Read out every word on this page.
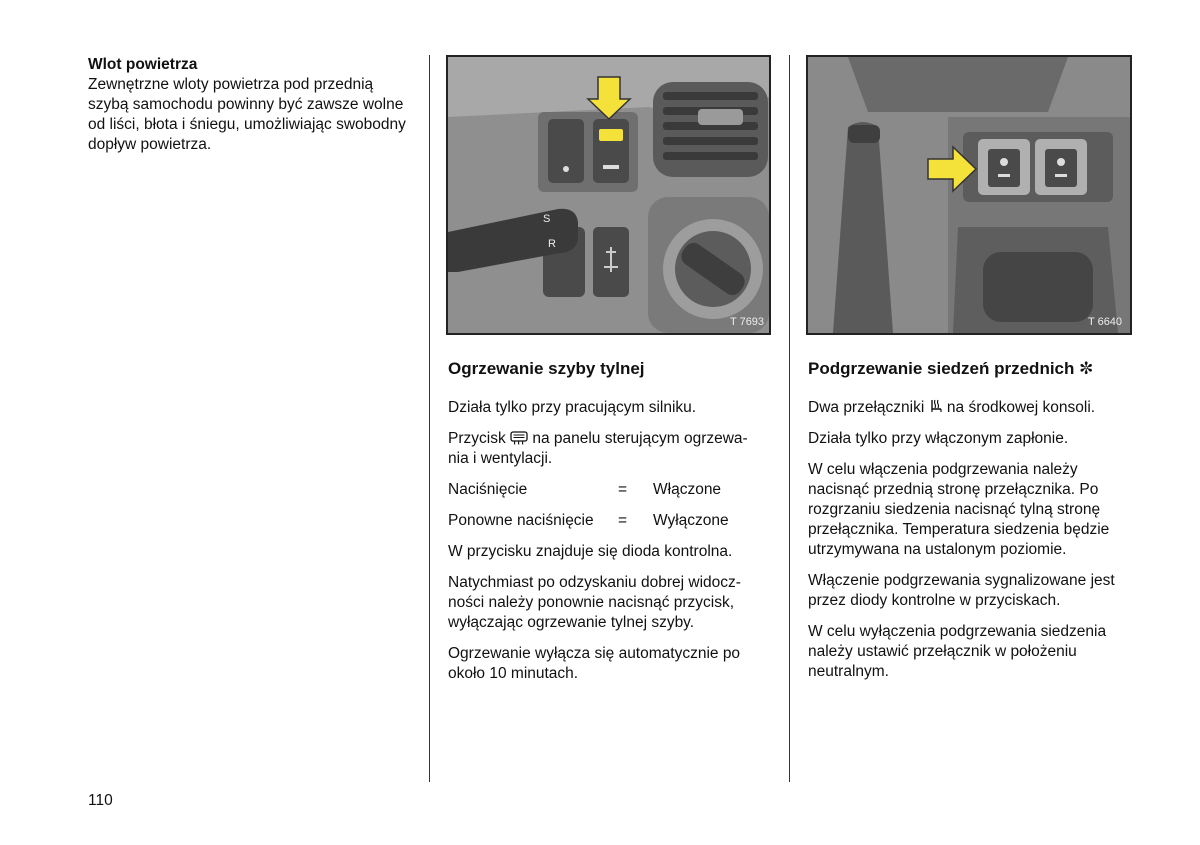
Wlot powietrza

Zewnętrzne wloty powietrza pod przednią szybą samochodu powinny być zawsze wolne od liści, błota i śniegu, umożliwiając swobodny dopływ powietrza.

S
R
T 7693	T 6640

Ogrzewanie szyby tylnej

Działa tylko przy pracującym silniku.

Przycisk  na panelu sterującym ogrzewa- nia i wentylacji.

Naciśnięcie	=	Włączone
Ponowne naciśnięcie	=	Wyłączone

W przycisku znajduje się dioda kontrolna.

Natychmiast po odzyskaniu dobrej widocz- ności należy ponownie nacisnąć przycisk, wyłączając ogrzewanie tylnej szyby.

Ogrzewanie wyłącza się automatycznie po około 10 minutach.

Podgrzewanie siedzeń przednich ✼

Dwa przełączniki  na środkowej konsoli.

Działa tylko przy włączonym zapłonie.

W celu włączenia podgrzewania należy nacisnąć przednią stronę przełącznika. Po rozgrzaniu siedzenia nacisnąć tylną stronę przełącznika. Temperatura siedzenia będzie utrzymywana na ustalonym poziomie.

Włączenie podgrzewania sygnalizowane jest przez diody kontrolne w przyciskach.

W celu wyłączenia podgrzewania siedzenia należy ustawić przełącznik w położeniu neutralnym.

110
